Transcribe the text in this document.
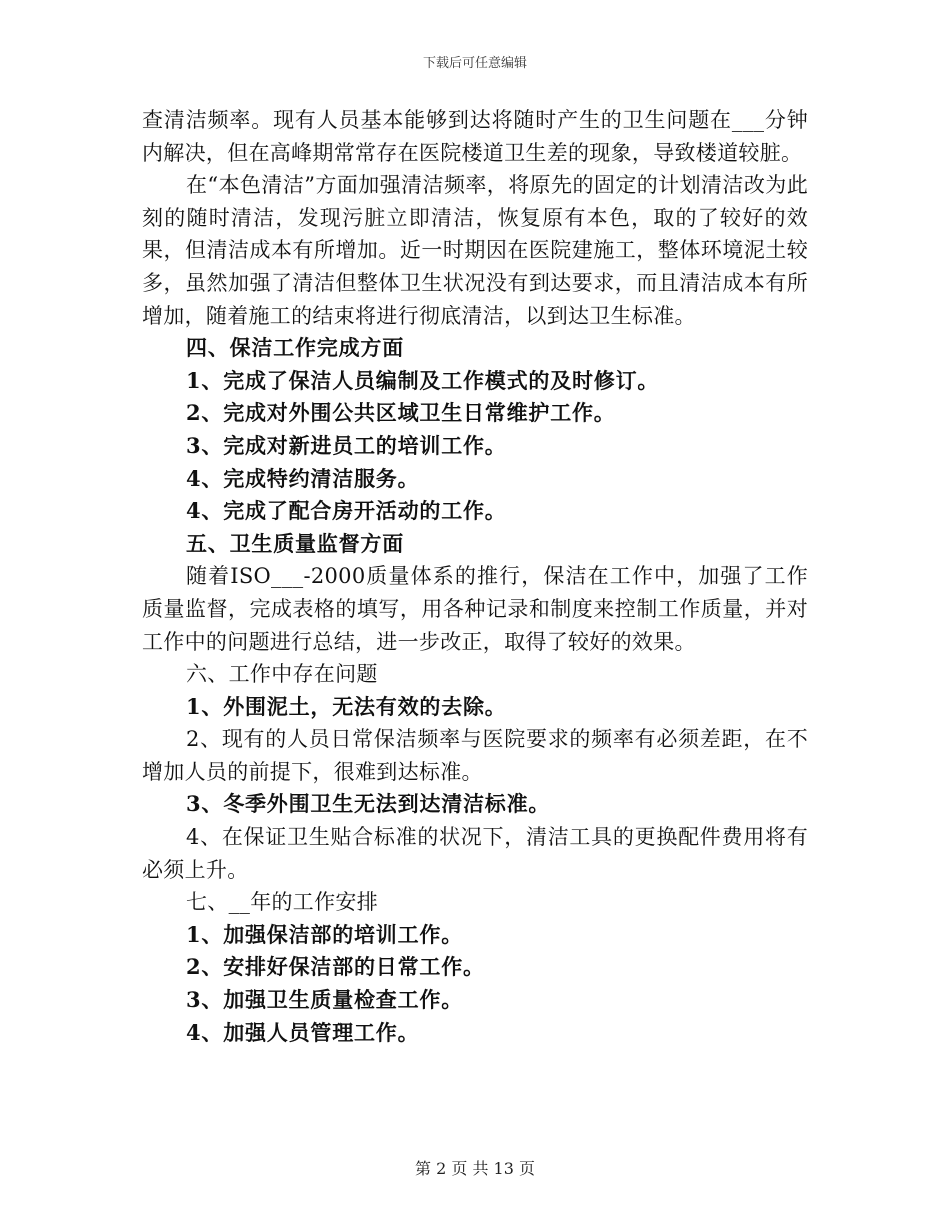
下载后可任意编辑

查清洁频率。现有人员基本能够到达将随时产生的卫生问题在___分钟内解决，但在高峰期常常存在医院楼道卫生差的现象，导致楼道较脏。

在“本色清洁”方面加强清洁频率，将原先的固定的计划清洁改为此刻的随时清洁，发现污脏立即清洁，恢复原有本色，取的了较好的效果，但清洁成本有所增加。近一时期因在医院建施工，整体环境泥土较多，虽然加强了清洁但整体卫生状况没有到达要求，而且清洁成本有所增加，随着施工的结束将进行彻底清洁，以到达卫生标准。

四、保洁工作完成方面

1、完成了保洁人员编制及工作模式的及时修订。

2、完成对外围公共区域卫生日常维护工作。

3、完成对新进员工的培训工作。

4、完成特约清洁服务。

4、完成了配合房开活动的工作。

五、卫生质量监督方面

随着ISO___-2000质量体系的推行，保洁在工作中，加强了工作质量监督，完成表格的填写，用各种记录和制度来控制工作质量，并对工作中的问题进行总结，进一步改正，取得了较好的效果。

六、工作中存在问题

1、外围泥土，无法有效的去除。

2、现有的人员日常保洁频率与医院要求的频率有必须差距，在不增加人员的前提下，很难到达标准。

3、冬季外围卫生无法到达清洁标准。

4、在保证卫生贴合标准的状况下，清洁工具的更换配件费用将有必须上升。

七、__年的工作安排

1、加强保洁部的培训工作。

2、安排好保洁部的日常工作。

3、加强卫生质量检查工作。

4、加强人员管理工作。

第 2 页 共 13 页
